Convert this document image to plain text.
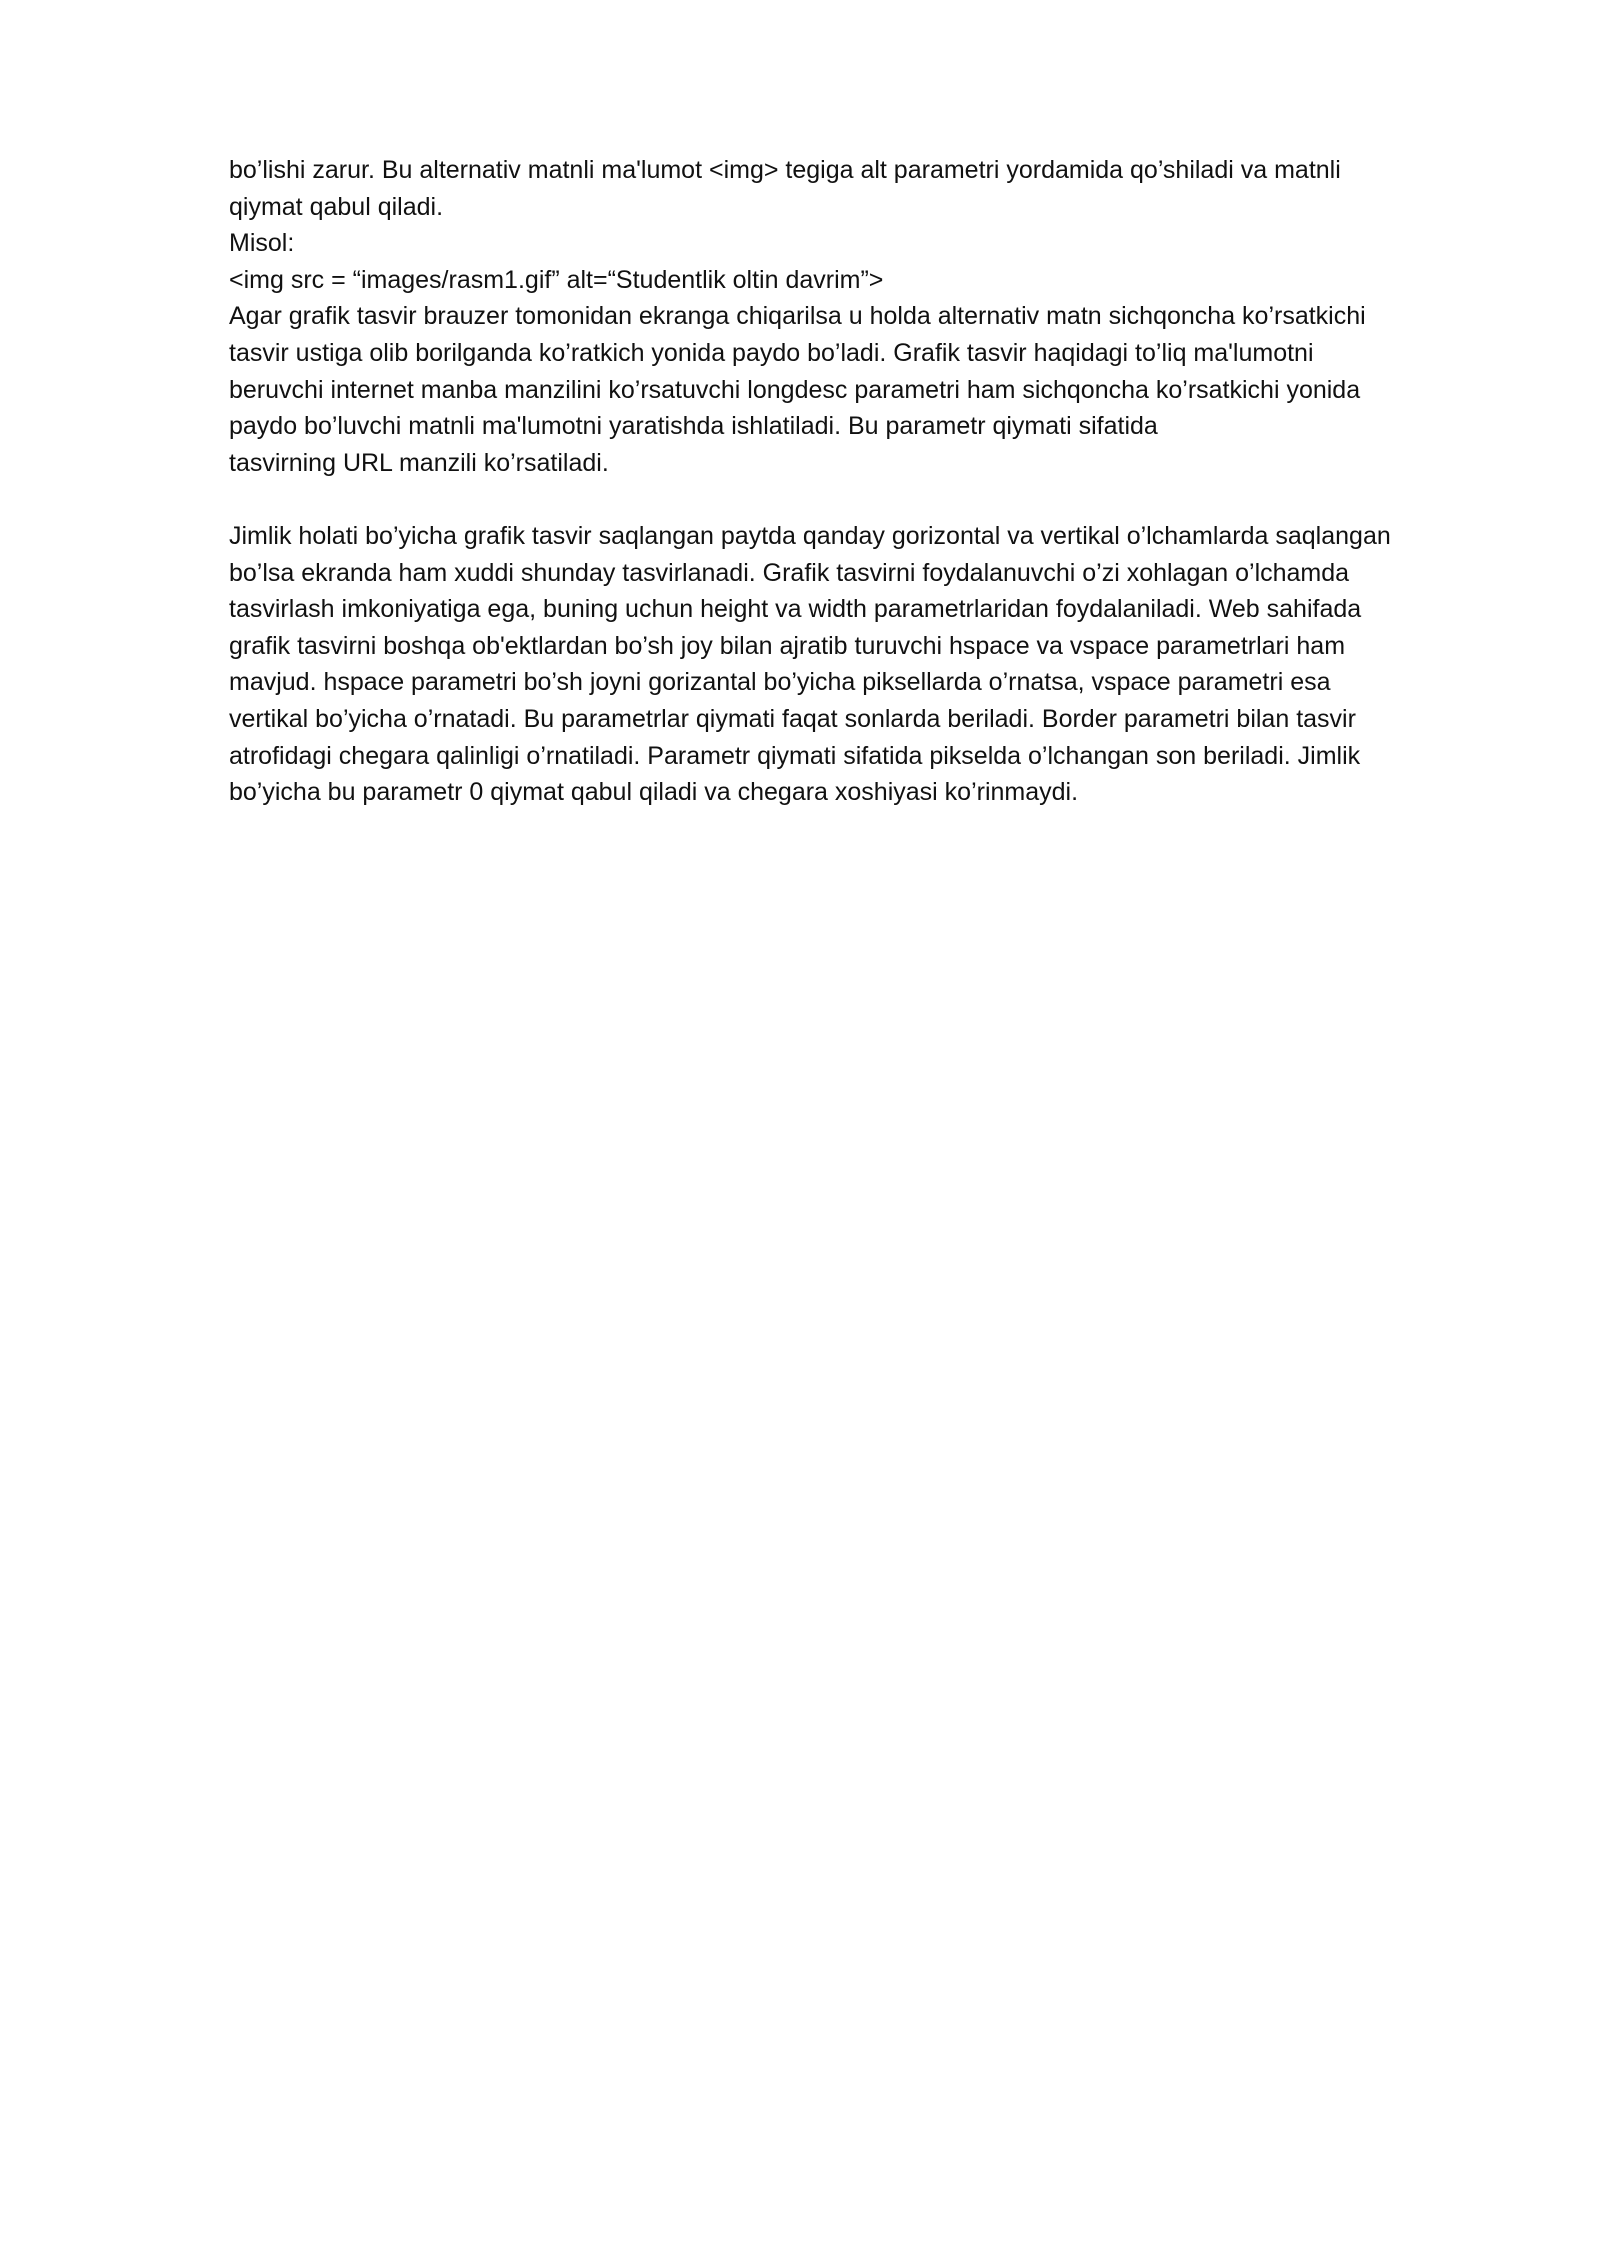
bo’lishi zarur. Bu alternativ matnli ma'lumot <img> tegiga alt parametri yordamida qo’shiladi va matnli
qiymat qabul qiladi.
Misol:
<img src = “images/rasm1.gif” alt=“Studentlik oltin davrim”>
Agar grafik tasvir brauzer tomonidan ekranga chiqarilsa u holda alternativ matn sichqoncha ko’rsatkichi
tasvir ustiga olib borilganda ko’ratkich yonida paydo bo’ladi. Grafik tasvir haqidagi to’liq ma'lumotni
beruvchi internet manba manzilini ko’rsatuvchi longdesc parametri ham sichqoncha ko’rsatkichi yonida
paydo bo’luvchi matnli ma'lumotni yaratishda ishlatiladi. Bu parametr qiymati sifatida
tasvirning URL manzili ko’rsatiladi.
Jimlik holati bo’yicha grafik tasvir saqlangan paytda qanday gorizontal va vertikal o’lchamlarda saqlangan
bo’lsa ekranda ham xuddi shunday tasvirlanadi. Grafik tasvirni foydalanuvchi o’zi xohlagan o’lchamda
tasvirlash imkoniyatiga ega, buning uchun height va width parametrlaridan foydalaniladi. Web sahifada
grafik tasvirni boshqa ob'ektlardan bo’sh joy bilan ajratib turuvchi hspace va vspace parametrlari ham
mavjud. hspace parametri bo’sh joyni gorizantal bo’yicha piksellarda o’rnatsa, vspace parametri esa
vertikal bo’yicha o’rnatadi. Bu parametrlar qiymati faqat sonlarda beriladi. Border parametri bilan tasvir
atrofidagi chegara qalinligi o’rnatiladi. Parametr qiymati sifatida pikselda o’lchangan son beriladi. Jimlik
bo’yicha bu parametr 0 qiymat qabul qiladi va chegara xoshiyasi ko’rinmaydi.
